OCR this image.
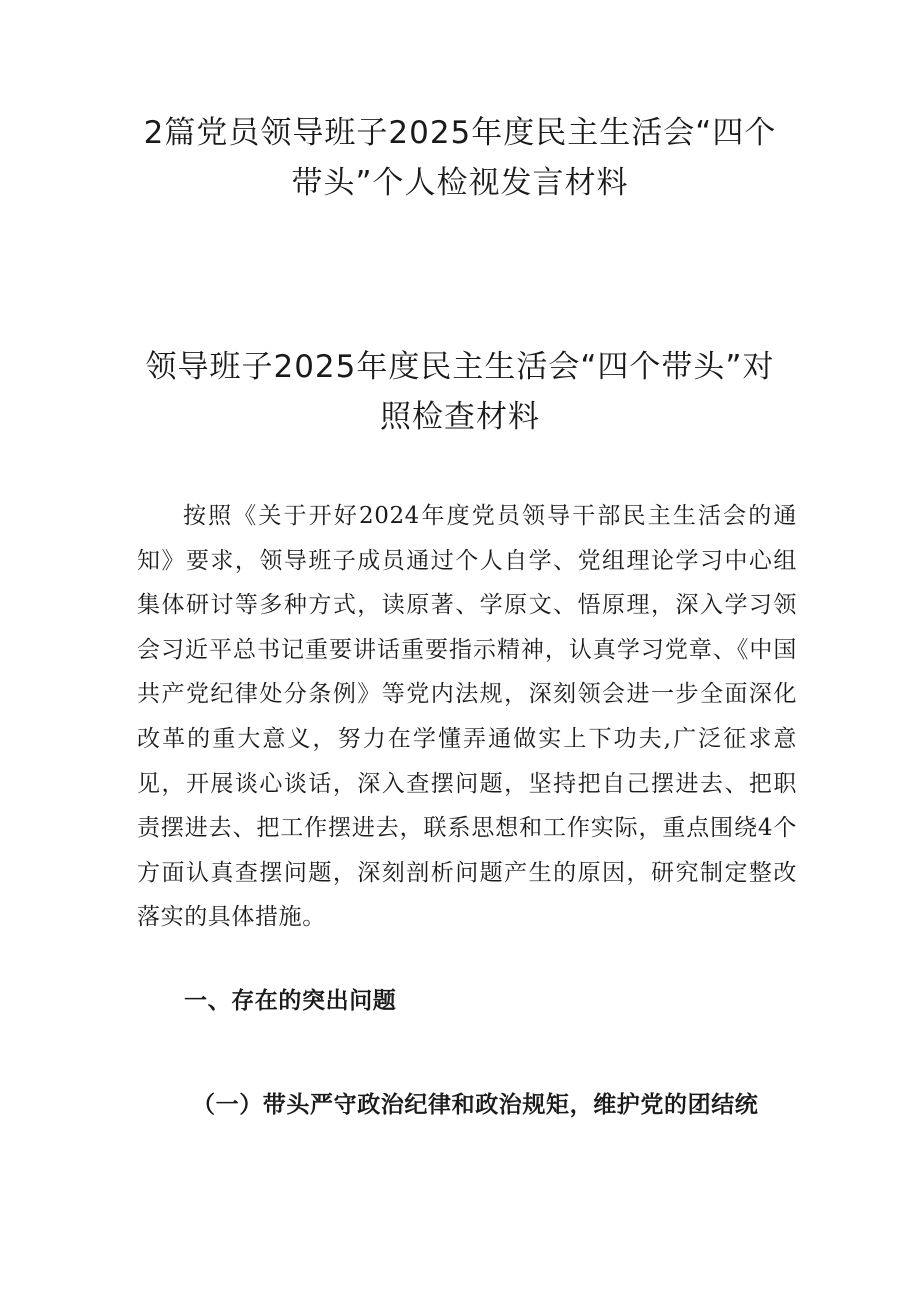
2篇党员领导班子2025年度民主生活会“四个
带头”个人检视发言材料
领导班子2025年度民主生活会“四个带头”对
照检查材料

按照《关于开好2024年度党员领导干部民主生活会的通知》要求，领导班子成员通过个人自学、党组理论学习中心组集体研讨等多种方式，读原著、学原文、悟原理，深入学习领会习近平总书记重要讲话重要指示精神，认真学习党章、《中国共产党纪律处分条例》等党内法规，深刻领会进一步全面深化改革的重大意义，努力在学懂弄通做实上下功夫,广泛征求意见，开展谈心谈话，深入查摆问题，坚持把自己摆进去、把职责摆进去、把工作摆进去，联系思想和工作实际，重点围绕4个方面认真查摆问题，深刻剖析问题产生的原因，研究制定整改落实的具体措施。

一、存在的突出问题
（一）带头严守政治纪律和政治规矩，维护党的团结统
